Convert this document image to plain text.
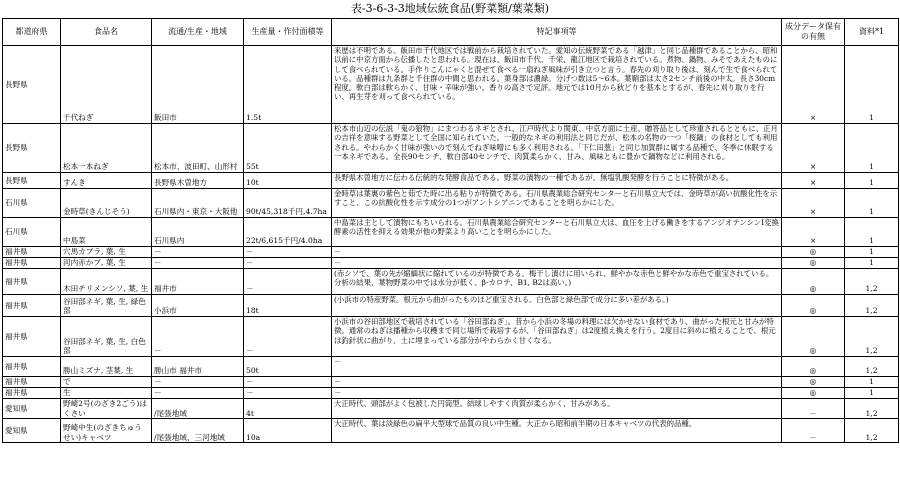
表-3-6-3-3地域伝統食品(野菜類/葉菜類)
都道府県	食品名	流通/生産・地域	生産量・作付面積等	特記事項等	成分データ保有の有無	資料*1
長野県	千代ねぎ	飯田市	1.5t	来歴は不明である。飯田市千代地区では戦前から栽培されていた。愛知の伝統野菜である「越津」と同じ品種群であることから、昭和以前に中京方面から伝播したと思われる。現在は、飯田市千代、千栄、龍江地区で栽培されている。煮物、鍋物、みそであえたものにして食べられている。手作りこんにゃくと混ぜて食べる一扇ねぎ風味が引き立つと言う。春先の刈り取り後は、刻んで生で食べられている。品種群は九条群と千住群の中間と思われる。葉身部は濃緑。分げつ数は5～6本。葉鞘部は太さ2センチ前後の中太。長さ30cm程度。軟白部は軟らかく、甘味・辛味が強い。香りの高さで定評。地元では10月から秋どりを基本とするが、春先に刈り取りを行い、再生芽を刈って食べられている。	×	1
長野県	松本一本ねぎ	松本市、波田町、山形村	55t	松本市山辺の伝説「鬼の狼物」にまつわるネギとされ、江戸時代より関東、中京方面に土産、贈答品として珍重されるとともに、正月の吉祥を意味する野菜として全国に知られていた。一般的なネギの利用法と同じだが、松本の名物の一つ「桜鍋」の食材としても利用される。やわらかく甘味が強いので刻んでねぎ味噌にも多く利用される。「下仁田葱」と同じ加賀群に属する品種で、冬季に休眠する一本ネギである。全長90センチ、軟白部40センチで、肉質柔らかく、甘み、風味ともに豊かで鍋物などに利用される。	×	1
長野県	すんき	長野県木曽地方	10t	長野県木曽地方に伝わる伝統的な発酵食品である。野菜の漬物の一種であるが、無塩乳酸発酵を行うことに特徴がある。	×	1
石川県	金時草(きんじそう)	石川県内・東京・大阪他	90t/45,318千円,4.7ha	金時草は葉裏の紫色と茹でた時に出る粘りが特徴である。石川県農業総合研究センターと石川県立大では、金時草が高い抗酸化性を示すこと、この抗酸化性を示す成分の1つがアントシアニンであることを明らかにした。	×	1
石川県	中島菜	石川県内	22t/6,615千円/4.0ha	中島菜は主として漬物にもちいられる。石川県農業総合研究センターと石川県立大は、血圧を上げる働きをするアンジオテンシンⅠ変換酵素の活性を抑える効果が他の野菜より高いことを明らかにした。	×	1
福井県	穴馬カブラ, 葉, 生	－	－	－	◎	1
福井県	河内赤かブ, 葉, 生	－	－	－	◎	1
福井県	木田チリメンシソ, 葉, 生	福井市	－	(赤シソで、葉の先が縮緬状に縮れているのが特徴である。梅干し漬けに用いられ、鮮やかな赤色と鮮やかな赤色で重宝されている。分析の結果、葉物野菜の中では水分が低く、β-カロテ、B1, B2は高い。)	◎	1,2
福井県	谷田部ネギ, 葉, 生, 緑色部	小浜市	18t	(小浜市の特産野菜。根元から曲がったものほど重宝される。白色部と緑色部で成分に多い差がある。)	◎	1,2
福井県	谷田部ネギ, 葉, 生, 白色部	－	－	小浜市の谷田部地区で栽培されている「谷田部ねぎ」。昔から小浜の冬場の料理には欠かせない食材であり、曲がった根元と甘みが特徴。通常のねぎは播種から収穫まで同じ場所で栽培するが、「谷田部ねぎ」は2度植え換えを行う。2度目に斜めに植えることで、根元は釣針状に曲がり、土に埋まっている部分がやわらかく甘くなる。	◎	1,2
福井県	勝山ミズナ, 茎葉, 生	勝山市 福井市	50t	－	◎	1,2
福井県	で	－	－	－	◎	1
福井県	生	－	－	－	◎	1
愛知県	野崎2号(のざき2ごう)はくさい	/尾張地域	4t	大正時代、頭部がよく包被した円筒型。結球しやすく肉質が柔らかく、甘みがある。	－	1,2
愛知県	野崎中生(のざきちゅうせい)キャベツ	/尾張地域、三河地域	10a	大正時代、葉は淡緑色の扁平大型球で品質の良い中生種。大正から昭和前半期の日本キャベツの代表的品種。	－	1,2
